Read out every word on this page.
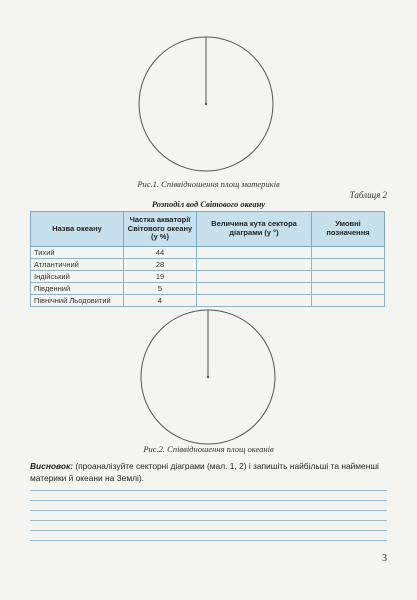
Рис.1. Співвідношення площ материків
Таблиця 2
Розподіл вод Світового океану
Назва океану	Частка акваторії Світового океану (у %)	Величина кута сектора діаграми (у °)	Умовні позначення
Тихий	44		
Атлантичний	28		
Індійський	19		
Південний	5		
Північний Льодовитий	4		
Рис.2. Співвідношення площ океанів
Висновок: (проаналізуйте секторні діаграми (мал. 1, 2) і запишіть найбільші та найменші материки й океани на Землі).
3
